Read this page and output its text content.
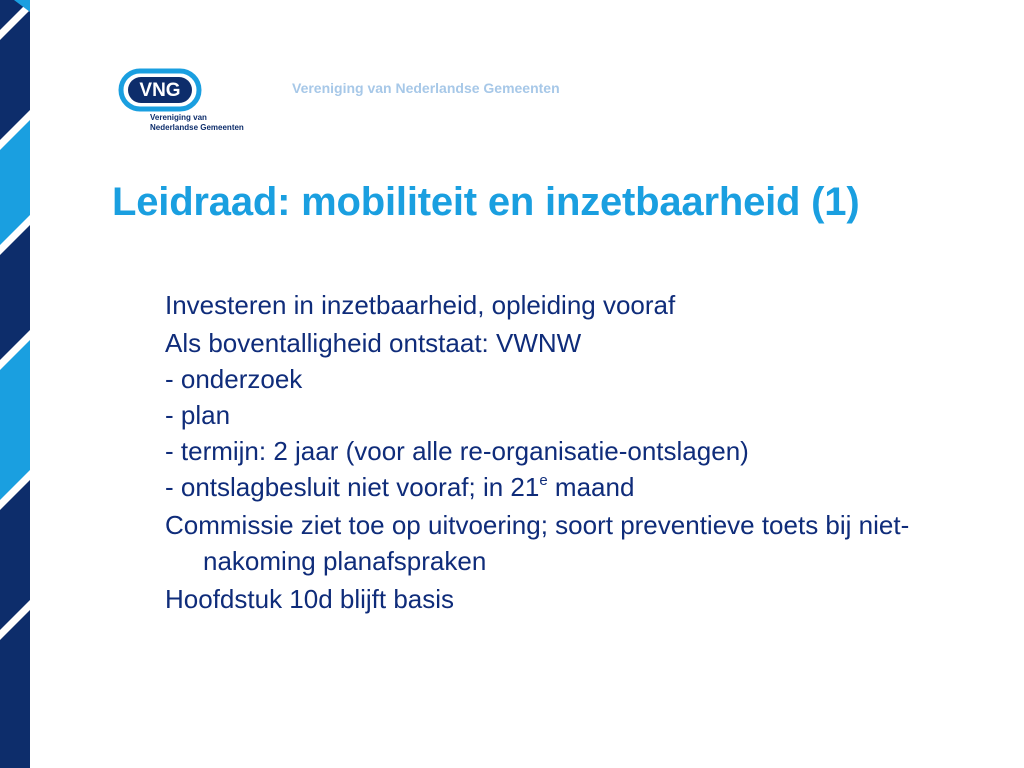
VNG
Vereniging van
Nederlandse Gemeenten
Vereniging van Nederlandse Gemeenten
Leidraad: mobiliteit en inzetbaarheid (1)
Investeren in inzetbaarheid, opleiding vooraf
Als boventalligheid ontstaat: VWNW
- onderzoek
- plan
- termijn: 2 jaar (voor alle re-organisatie-ontslagen)
- ontslagbesluit niet vooraf; in 21e maand
Commissie ziet toe op uitvoering; soort preventieve toets bij niet-nakoming planafspraken
Hoofdstuk 10d blijft basis
